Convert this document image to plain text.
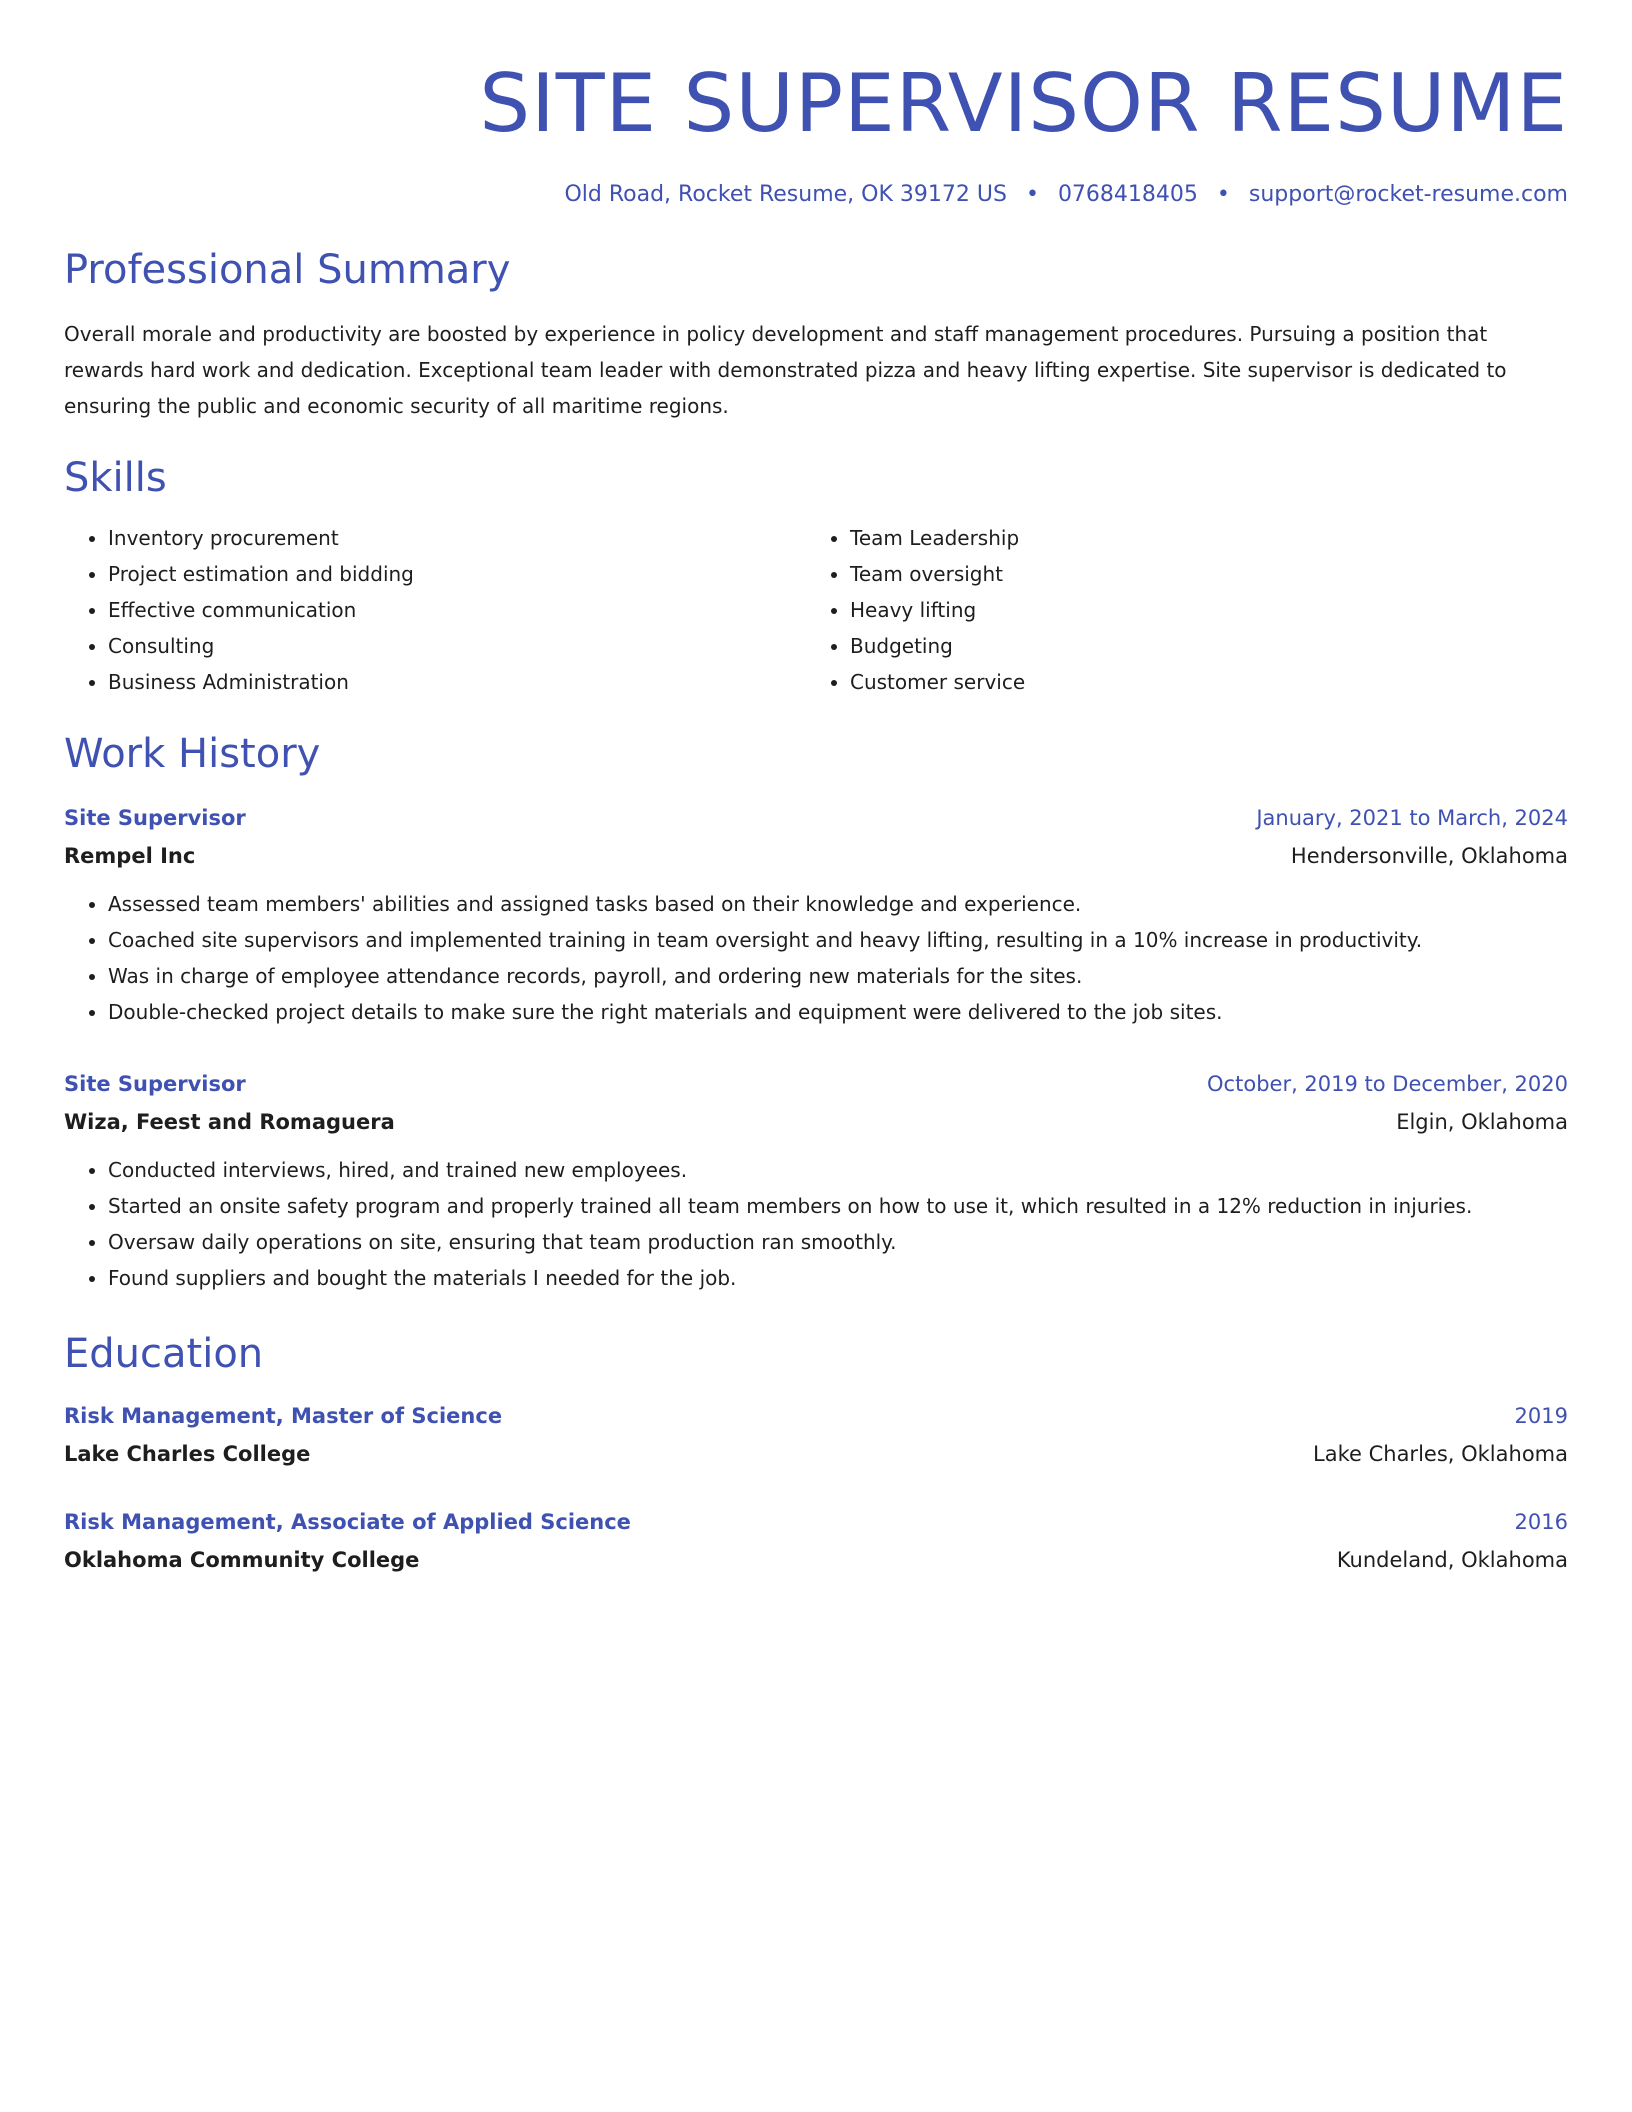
SITE SUPERVISOR RESUME
Old Road, Rocket Resume, OK 39172 US • 0768418405 • support@rocket-resume.com
Professional Summary
Overall morale and productivity are boosted by experience in policy development and staff management procedures. Pursuing a position that rewards hard work and dedication. Exceptional team leader with demonstrated pizza and heavy lifting expertise. Site supervisor is dedicated to ensuring the public and economic security of all maritime regions.
Skills
• Inventory procurement
• Project estimation and bidding
• Effective communication
• Consulting
• Business Administration
• Team Leadership
• Team oversight
• Heavy lifting
• Budgeting
• Customer service
Work History
Site Supervisor	January, 2021 to March, 2024
Rempel Inc	Hendersonville, Oklahoma
• Assessed team members' abilities and assigned tasks based on their knowledge and experience.
• Coached site supervisors and implemented training in team oversight and heavy lifting, resulting in a 10% increase in productivity.
• Was in charge of employee attendance records, payroll, and ordering new materials for the sites.
• Double-checked project details to make sure the right materials and equipment were delivered to the job sites.
Site Supervisor	October, 2019 to December, 2020
Wiza, Feest and Romaguera	Elgin, Oklahoma
• Conducted interviews, hired, and trained new employees.
• Started an onsite safety program and properly trained all team members on how to use it, which resulted in a 12% reduction in injuries.
• Oversaw daily operations on site, ensuring that team production ran smoothly.
• Found suppliers and bought the materials I needed for the job.
Education
Risk Management, Master of Science	2019
Lake Charles College	Lake Charles, Oklahoma
Risk Management, Associate of Applied Science	2016
Oklahoma Community College	Kundeland, Oklahoma
